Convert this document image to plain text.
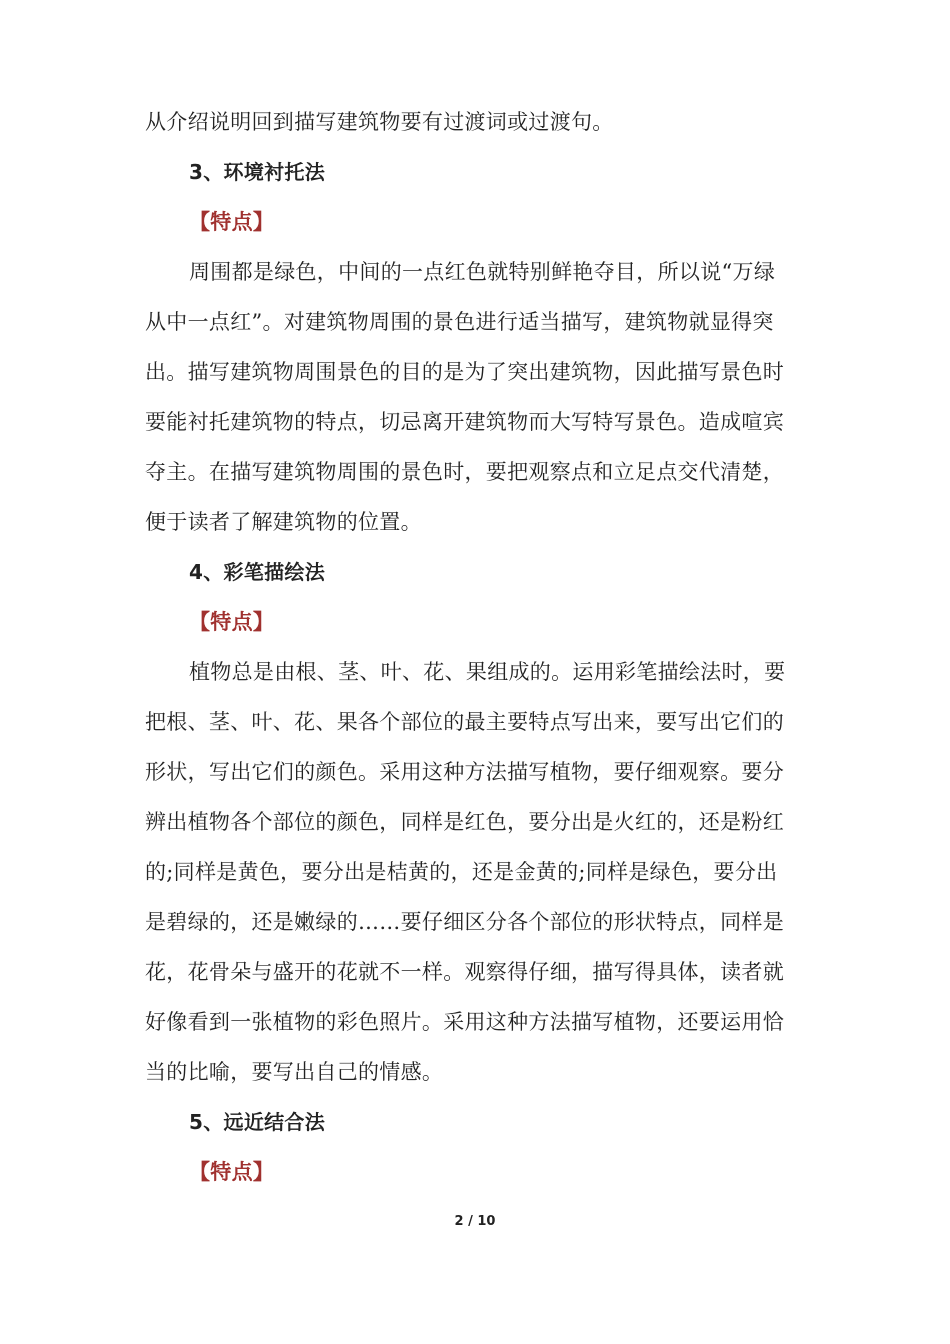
从介绍说明回到描写建筑物要有过渡词或过渡句。
3、环境衬托法
【特点】
周围都是绿色，中间的一点红色就特别鲜艳夺目，所以说“万绿
从中一点红”。对建筑物周围的景色进行适当描写，建筑物就显得突
出。描写建筑物周围景色的目的是为了突出建筑物，因此描写景色时
要能衬托建筑物的特点，切忌离开建筑物而大写特写景色。造成喧宾
夺主。在描写建筑物周围的景色时，要把观察点和立足点交代清楚，
便于读者了解建筑物的位置。
4、彩笔描绘法
【特点】
植物总是由根、茎、叶、花、果组成的。运用彩笔描绘法时，要
把根、茎、叶、花、果各个部位的最主要特点写出来，要写出它们的
形状，写出它们的颜色。采用这种方法描写植物，要仔细观察。要分
辨出植物各个部位的颜色，同样是红色，要分出是火红的，还是粉红
的;同样是黄色，要分出是桔黄的，还是金黄的;同样是绿色，要分出
是碧绿的，还是嫩绿的……要仔细区分各个部位的形状特点，同样是
花，花骨朵与盛开的花就不一样。观察得仔细，描写得具体，读者就
好像看到一张植物的彩色照片。采用这种方法描写植物，还要运用恰
当的比喻，要写出自己的情感。
5、远近结合法
【特点】
2 / 10
